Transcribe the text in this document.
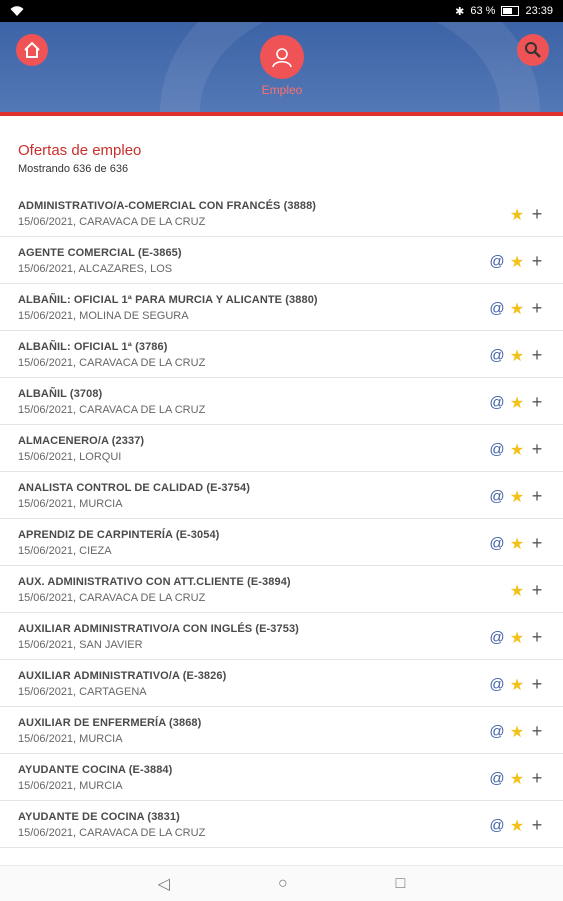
✱ 63 %	23:39
Empleo
Ofertas de empleo
Mostrando 636 de 636
ADMINISTRATIVO/A-COMERCIAL CON FRANCÉS (3888)
15/06/2021, CARAVACA DE LA CRUZ	★ +
AGENTE COMERCIAL (E-3865)
15/06/2021, ALCAZARES, LOS	@ ★ +
ALBAÑIL: OFICIAL 1ª PARA MURCIA Y ALICANTE (3880)
15/06/2021, MOLINA DE SEGURA	@ ★ +
ALBAÑIL: OFICIAL 1ª (3786)
15/06/2021, CARAVACA DE LA CRUZ	@ ★ +
ALBAÑIL (3708)
15/06/2021, CARAVACA DE LA CRUZ	@ ★ +
ALMACENERO/A (2337)
15/06/2021, LORQUI	@ ★ +
ANALISTA CONTROL DE CALIDAD (E-3754)
15/06/2021, MURCIA	@ ★ +
APRENDIZ DE CARPINTERÍA (E-3054)
15/06/2021, CIEZA	@ ★ +
AUX. ADMINISTRATIVO CON ATT.CLIENTE (E-3894)
15/06/2021, CARAVACA DE LA CRUZ	★ +
AUXILIAR ADMINISTRATIVO/A CON INGLÉS (E-3753)
15/06/2021, SAN JAVIER	@ ★ +
AUXILIAR ADMINISTRATIVO/A (E-3826)
15/06/2021, CARTAGENA	@ ★ +
AUXILIAR DE ENFERMERÍA (3868)
15/06/2021, MURCIA	@ ★ +
AYUDANTE COCINA (E-3884)
15/06/2021, MURCIA	@ ★ +
AYUDANTE DE COCINA (3831)
15/06/2021, CARAVACA DE LA CRUZ	@ ★ +
◁	○	□
